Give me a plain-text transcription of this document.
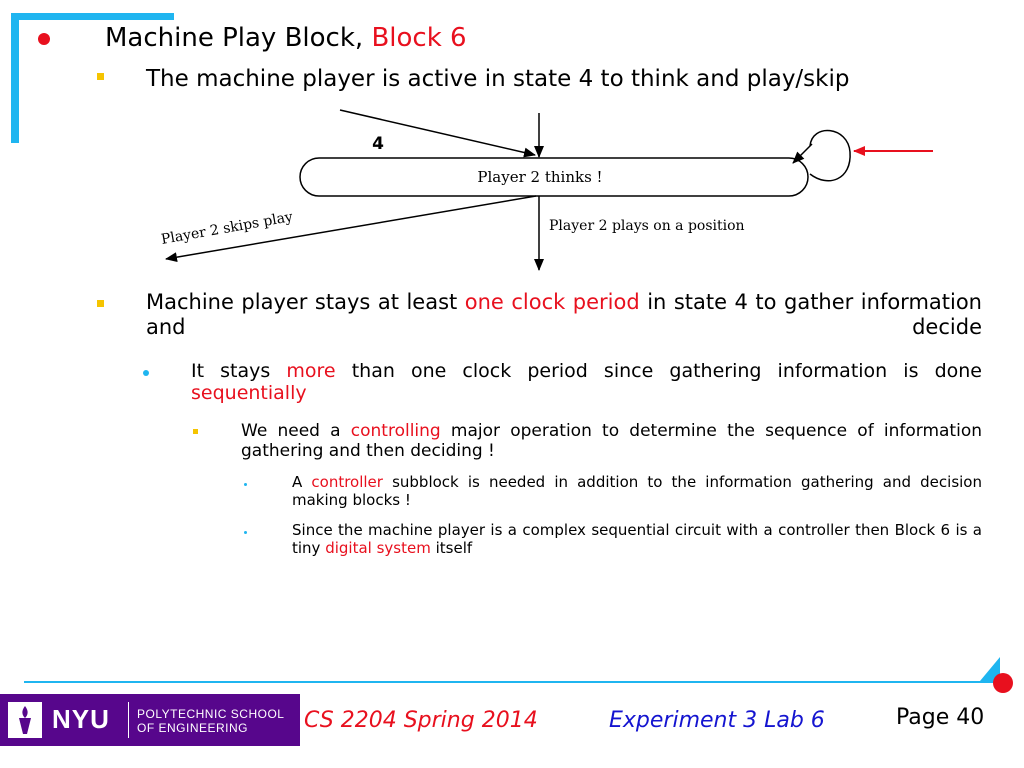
Machine Play Block, Block 6
The machine player is active in state 4 to think and play/skip
Player 2 thinks !
4
Player 2 skips play	Player 2 plays on a position
Machine player stays at least one clock period in state 4 to gather information and decide
It stays more than one clock period since gathering information is done sequentially
We need a controlling major operation to determine the sequence of information gathering and then deciding !
A controller subblock is needed in addition to the information gathering and decision making blocks !
Since the machine player is a complex sequential circuit with a controller then Block 6 is a tiny digital system itself
NYU POLYTECHNIC SCHOOL
OF ENGINEERING	CS 2204 Spring 2014	Experiment 3 Lab 6	Page 40
